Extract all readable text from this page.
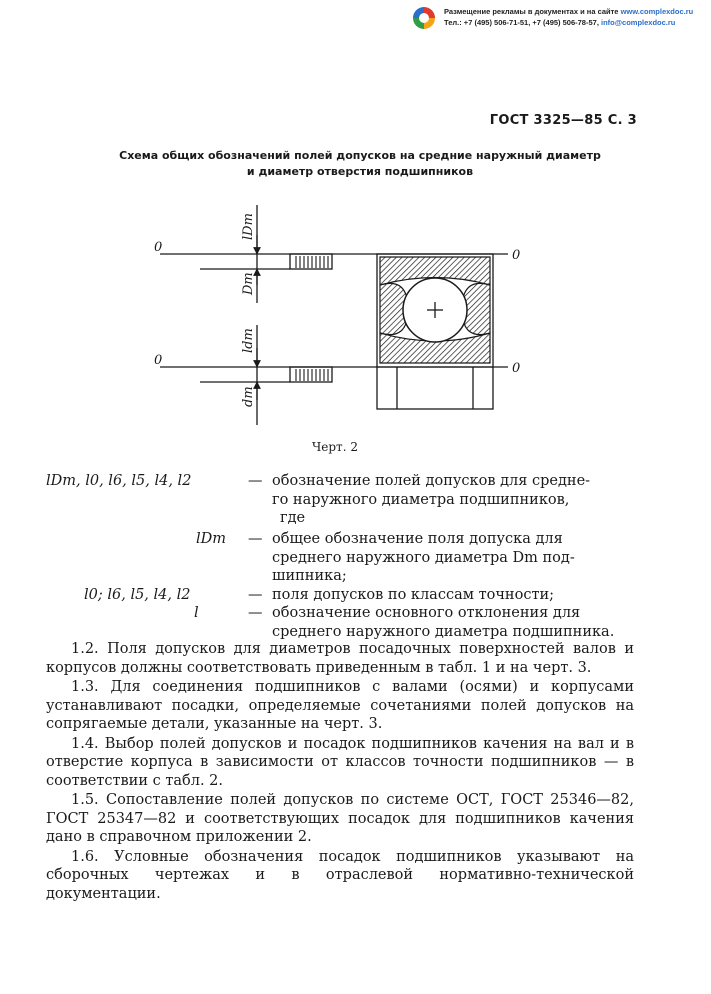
Размещение рекламы в документах и на сайте www.complexdoc.ru
Тел.: +7 (495) 506-71-51, +7 (495) 506-78-57, info@complexdoc.ru
ГОСТ 3325—85 С. 3
Схема общих обозначений полей допусков на средние наружный диаметр
и диаметр отверстия подшипников
0
0
0
0
lDm
Dm
ldm
dm
Черт. 2
lDm, l0, l6, l5, l4, l2	— обозначение полей допусков для средне-
го наружного диаметра подшипников,
где
lDm — общее обозначение поля допуска для
среднего наружного диаметра Dm под-
шипника;
l0; l6, l5, l4, l2	— поля допусков по классам точности;
l	— обозначение основного отклонения для
среднего наружного диаметра подшипника.

1.2. Поля допусков для диаметров посадочных поверхностей валов и корпусов должны соответствовать приведенным в табл. 1 и на черт. 3.

1.3. Для соединения подшипников с валами (осями) и корпусами устанавливают посадки, определяемые сочетаниями полей допусков на сопрягаемые детали, указанные на черт. 3.

1.4. Выбор полей допусков и посадок подшипников качения на вал и в отверстие корпуса в зависимости от классов точности подшипников — в соответствии с табл. 2.

1.5. Сопоставление полей допусков по системе ОСТ, ГОСТ 25346—82, ГОСТ 25347—82 и соответствующих посадок для подшипников качения дано в справочном приложении 2.

1.6. Условные обозначения посадок подшипников указывают на сборочных чертежах и в отраслевой нормативно-технической документации.
